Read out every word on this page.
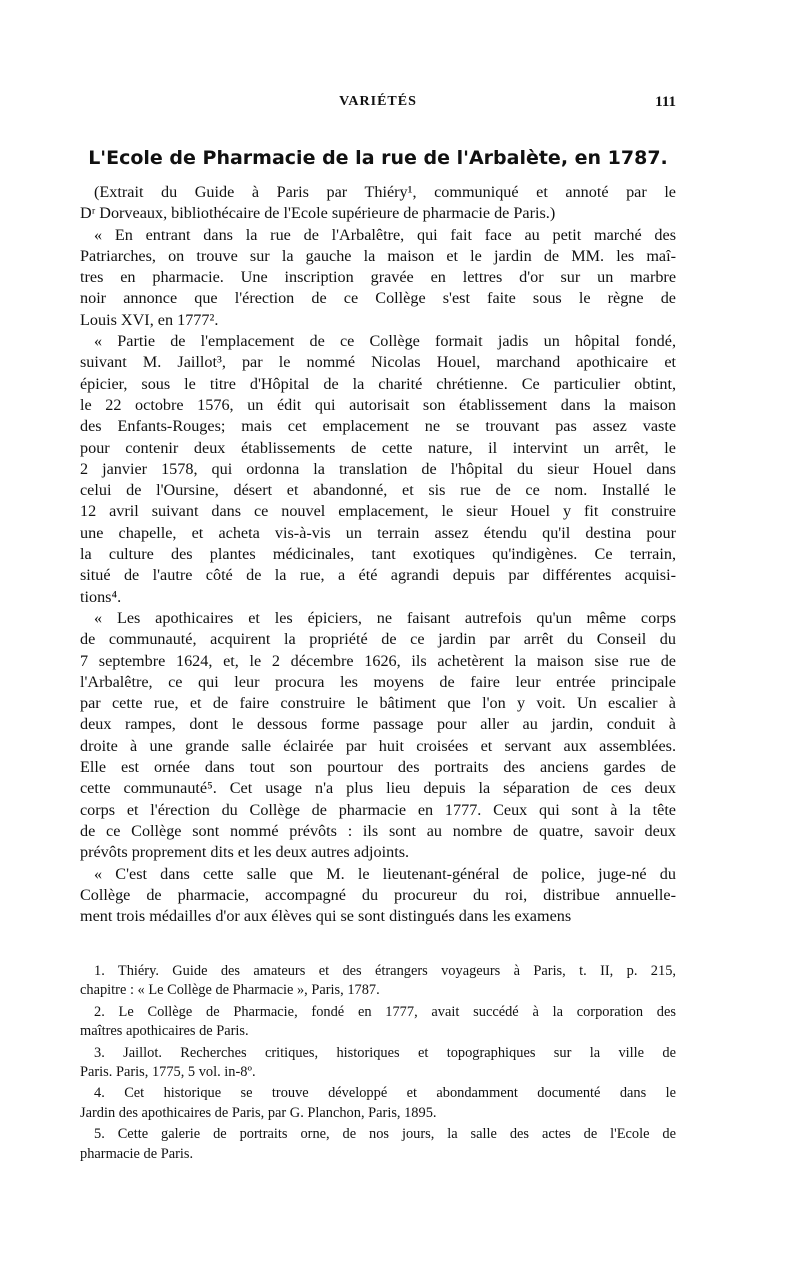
VARIÉTÉS	111
L'Ecole de Pharmacie de la rue de l'Arbalète, en 1787.
(Extrait du Guide à Paris par Thiéry¹, communiqué et annoté par le
Dʳ Dorveaux, bibliothécaire de l'Ecole supérieure de pharmacie de Paris.)
« En entrant dans la rue de l'Arbalêtre, qui fait face au petit marché des
Patriarches, on trouve sur la gauche la maison et le jardin de MM. les maî-
tres en pharmacie. Une inscription gravée en lettres d'or sur un marbre
noir annonce que l'érection de ce Collège s'est faite sous le règne de
Louis XVI, en 1777².
« Partie de l'emplacement de ce Collège formait jadis un hôpital fondé,
suivant M. Jaillot³, par le nommé Nicolas Houel, marchand apothicaire et
épicier, sous le titre d'Hôpital de la charité chrétienne. Ce particulier obtint,
le 22 octobre 1576, un édit qui autorisait son établissement dans la maison
des Enfants-Rouges; mais cet emplacement ne se trouvant pas assez vaste
pour contenir deux établissements de cette nature, il intervint un arrêt, le
2 janvier 1578, qui ordonna la translation de l'hôpital du sieur Houel dans
celui de l'Oursine, désert et abandonné, et sis rue de ce nom. Installé le
12 avril suivant dans ce nouvel emplacement, le sieur Houel y fit construire
une chapelle, et acheta vis-à-vis un terrain assez étendu qu'il destina pour
la culture des plantes médicinales, tant exotiques qu'indigènes. Ce terrain,
situé de l'autre côté de la rue, a été agrandi depuis par différentes acquisi-
tions⁴.
« Les apothicaires et les épiciers, ne faisant autrefois qu'un même corps
de communauté, acquirent la propriété de ce jardin par arrêt du Conseil du
7 septembre 1624, et, le 2 décembre 1626, ils achetèrent la maison sise rue de
l'Arbalêtre, ce qui leur procura les moyens de faire leur entrée principale
par cette rue, et de faire construire le bâtiment que l'on y voit. Un escalier à
deux rampes, dont le dessous forme passage pour aller au jardin, conduit à
droite à une grande salle éclairée par huit croisées et servant aux assemblées.
Elle est ornée dans tout son pourtour des portraits des anciens gardes de
cette communauté⁵. Cet usage n'a plus lieu depuis la séparation de ces deux
corps et l'érection du Collège de pharmacie en 1777. Ceux qui sont à la tête
de ce Collège sont nommé prévôts : ils sont au nombre de quatre, savoir deux
prévôts proprement dits et les deux autres adjoints.
« C'est dans cette salle que M. le lieutenant-général de police, juge-né du
Collège de pharmacie, accompagné du procureur du roi, distribue annuelle-
ment trois médailles d'or aux élèves qui se sont distingués dans les examens
1. Thiéry. Guide des amateurs et des étrangers voyageurs à Paris, t. II, p. 215,
chapitre : « Le Collège de Pharmacie », Paris, 1787.
2. Le Collège de Pharmacie, fondé en 1777, avait succédé à la corporation des
maîtres apothicaires de Paris.
3. Jaillot. Recherches critiques, historiques et topographiques sur la ville de
Paris. Paris, 1775, 5 vol. in-8º.
4. Cet historique se trouve développé et abondamment documenté dans le
Jardin des apothicaires de Paris, par G. Planchon, Paris, 1895.
5. Cette galerie de portraits orne, de nos jours, la salle des actes de l'Ecole de
pharmacie de Paris.
